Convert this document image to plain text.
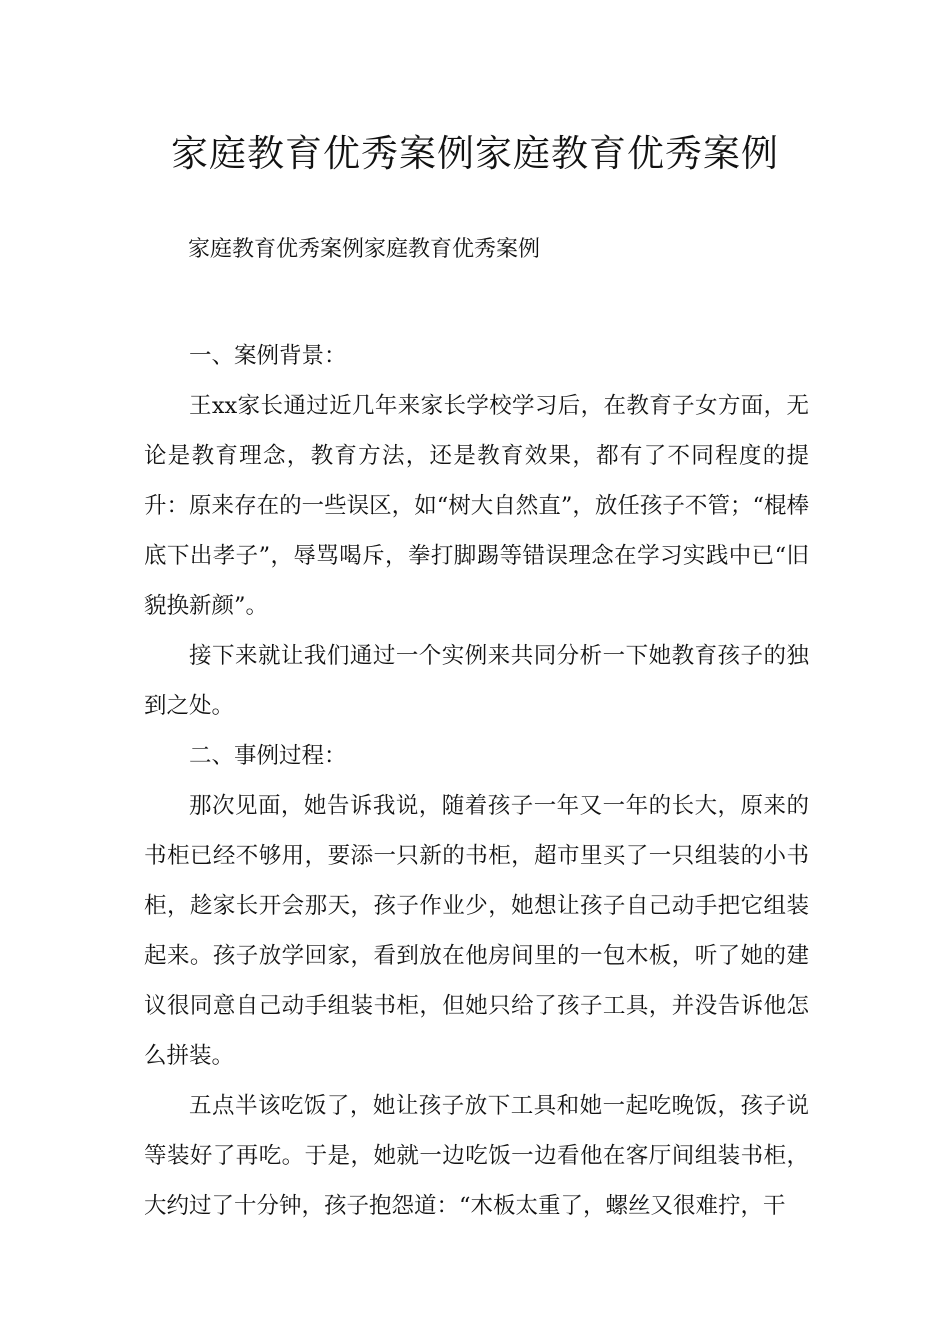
家庭教育优秀案例家庭教育优秀案例

家庭教育优秀案例家庭教育优秀案例

一、案例背景：

王xx家长通过近几年来家长学校学习后，在教育子女方面，无论是教育理念，教育方法，还是教育效果，都有了不同程度的提升：原来存在的一些误区，如“树大自然直”，放任孩子不管；“棍棒底下出孝子”，辱骂喝斥，拳打脚踢等错误理念在学习实践中已“旧貌换新颜”。

接下来就让我们通过一个实例来共同分析一下她教育孩子的独到之处。

二、事例过程：

那次见面，她告诉我说，随着孩子一年又一年的长大，原来的书柜已经不够用，要添一只新的书柜，超市里买了一只组装的小书柜，趁家长开会那天，孩子作业少，她想让孩子自己动手把它组装起来。孩子放学回家，看到放在他房间里的一包木板，听了她的建议很同意自己动手组装书柜，但她只给了孩子工具，并没告诉他怎么拼装。

五点半该吃饭了，她让孩子放下工具和她一起吃晚饭，孩子说等装好了再吃。于是，她就一边吃饭一边看他在客厅间组装书柜，大约过了十分钟，孩子抱怨道：“木板太重了，螺丝又很难拧，干
